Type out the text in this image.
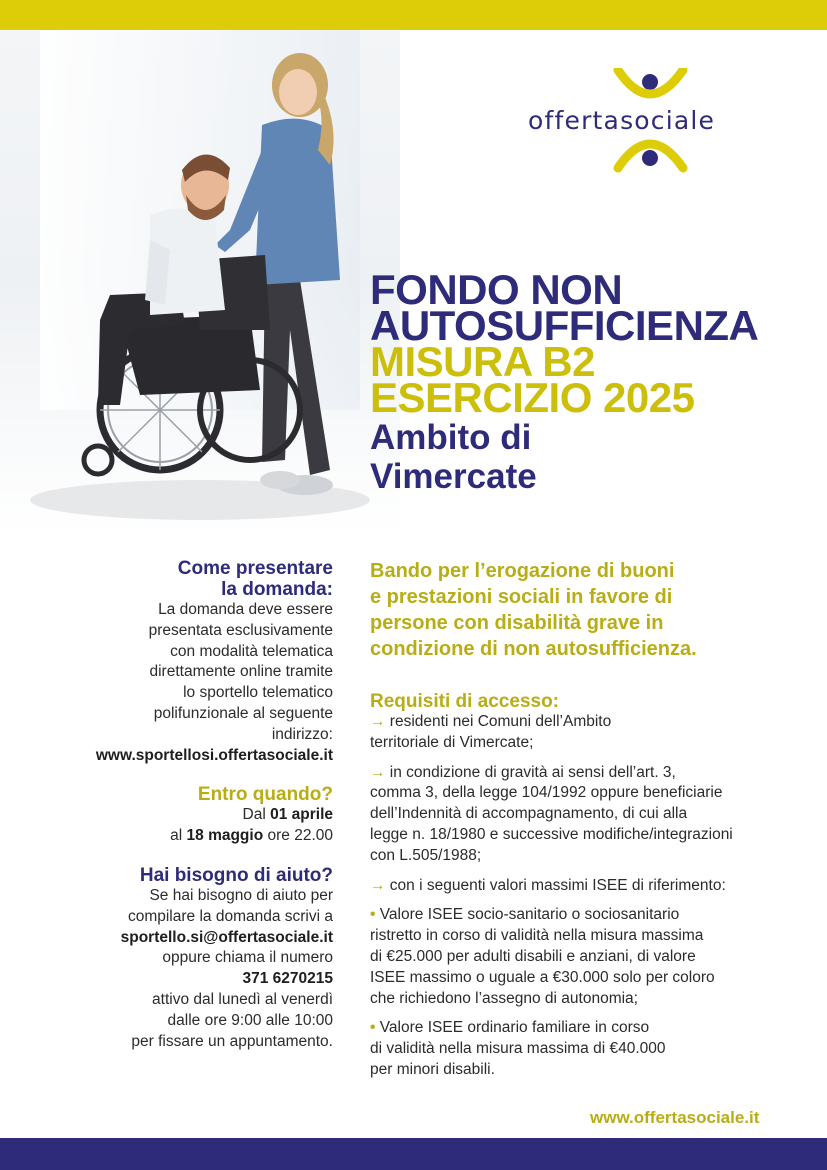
offertasociale
FONDO NON
AUTOSUFFICIENZA
MISURA B2
ESERCIZIO 2025
Ambito di
Vimercate
Come presentare
la domanda:
La domanda deve essere
presentata esclusivamente
con modalità telematica
direttamente online tramite
lo sportello telematico
polifunzionale al seguente
indirizzo:
www.sportellosi.offertasociale.it
Entro quando?
Dal 01 aprile
al 18 maggio ore 22.00
Hai bisogno di aiuto?
Se hai bisogno di aiuto per
compilare la domanda scrivi a
sportello.si@offertasociale.it
oppure chiama il numero
371 6270215
attivo dal lunedì al venerdì
dalle ore 9:00 alle 10:00
per fissare un appuntamento.
Bando per l’erogazione di buoni
e prestazioni sociali in favore di
persone con disabilità grave in
condizione di non autosufficienza.
Requisiti di accesso:
→ residenti nei Comuni dell’Ambito
territoriale di Vimercate;
→ in condizione di gravità ai sensi dell’art. 3,
comma 3, della legge 104/1992 oppure beneficiarie
dell’Indennità di accompagnamento, di cui alla
legge n. 18/1980 e successive modifiche/integrazioni
con L.505/1988;
→ con i seguenti valori massimi ISEE di riferimento:
• Valore ISEE socio-sanitario o sociosanitario
ristretto in corso di validità nella misura massima
di €25.000 per adulti disabili e anziani, di valore
ISEE massimo o uguale a €30.000 solo per coloro
che richiedono l’assegno di autonomia;
• Valore ISEE ordinario familiare in corso
di validità nella misura massima di €40.000
per minori disabili.
www.offertasociale.it
